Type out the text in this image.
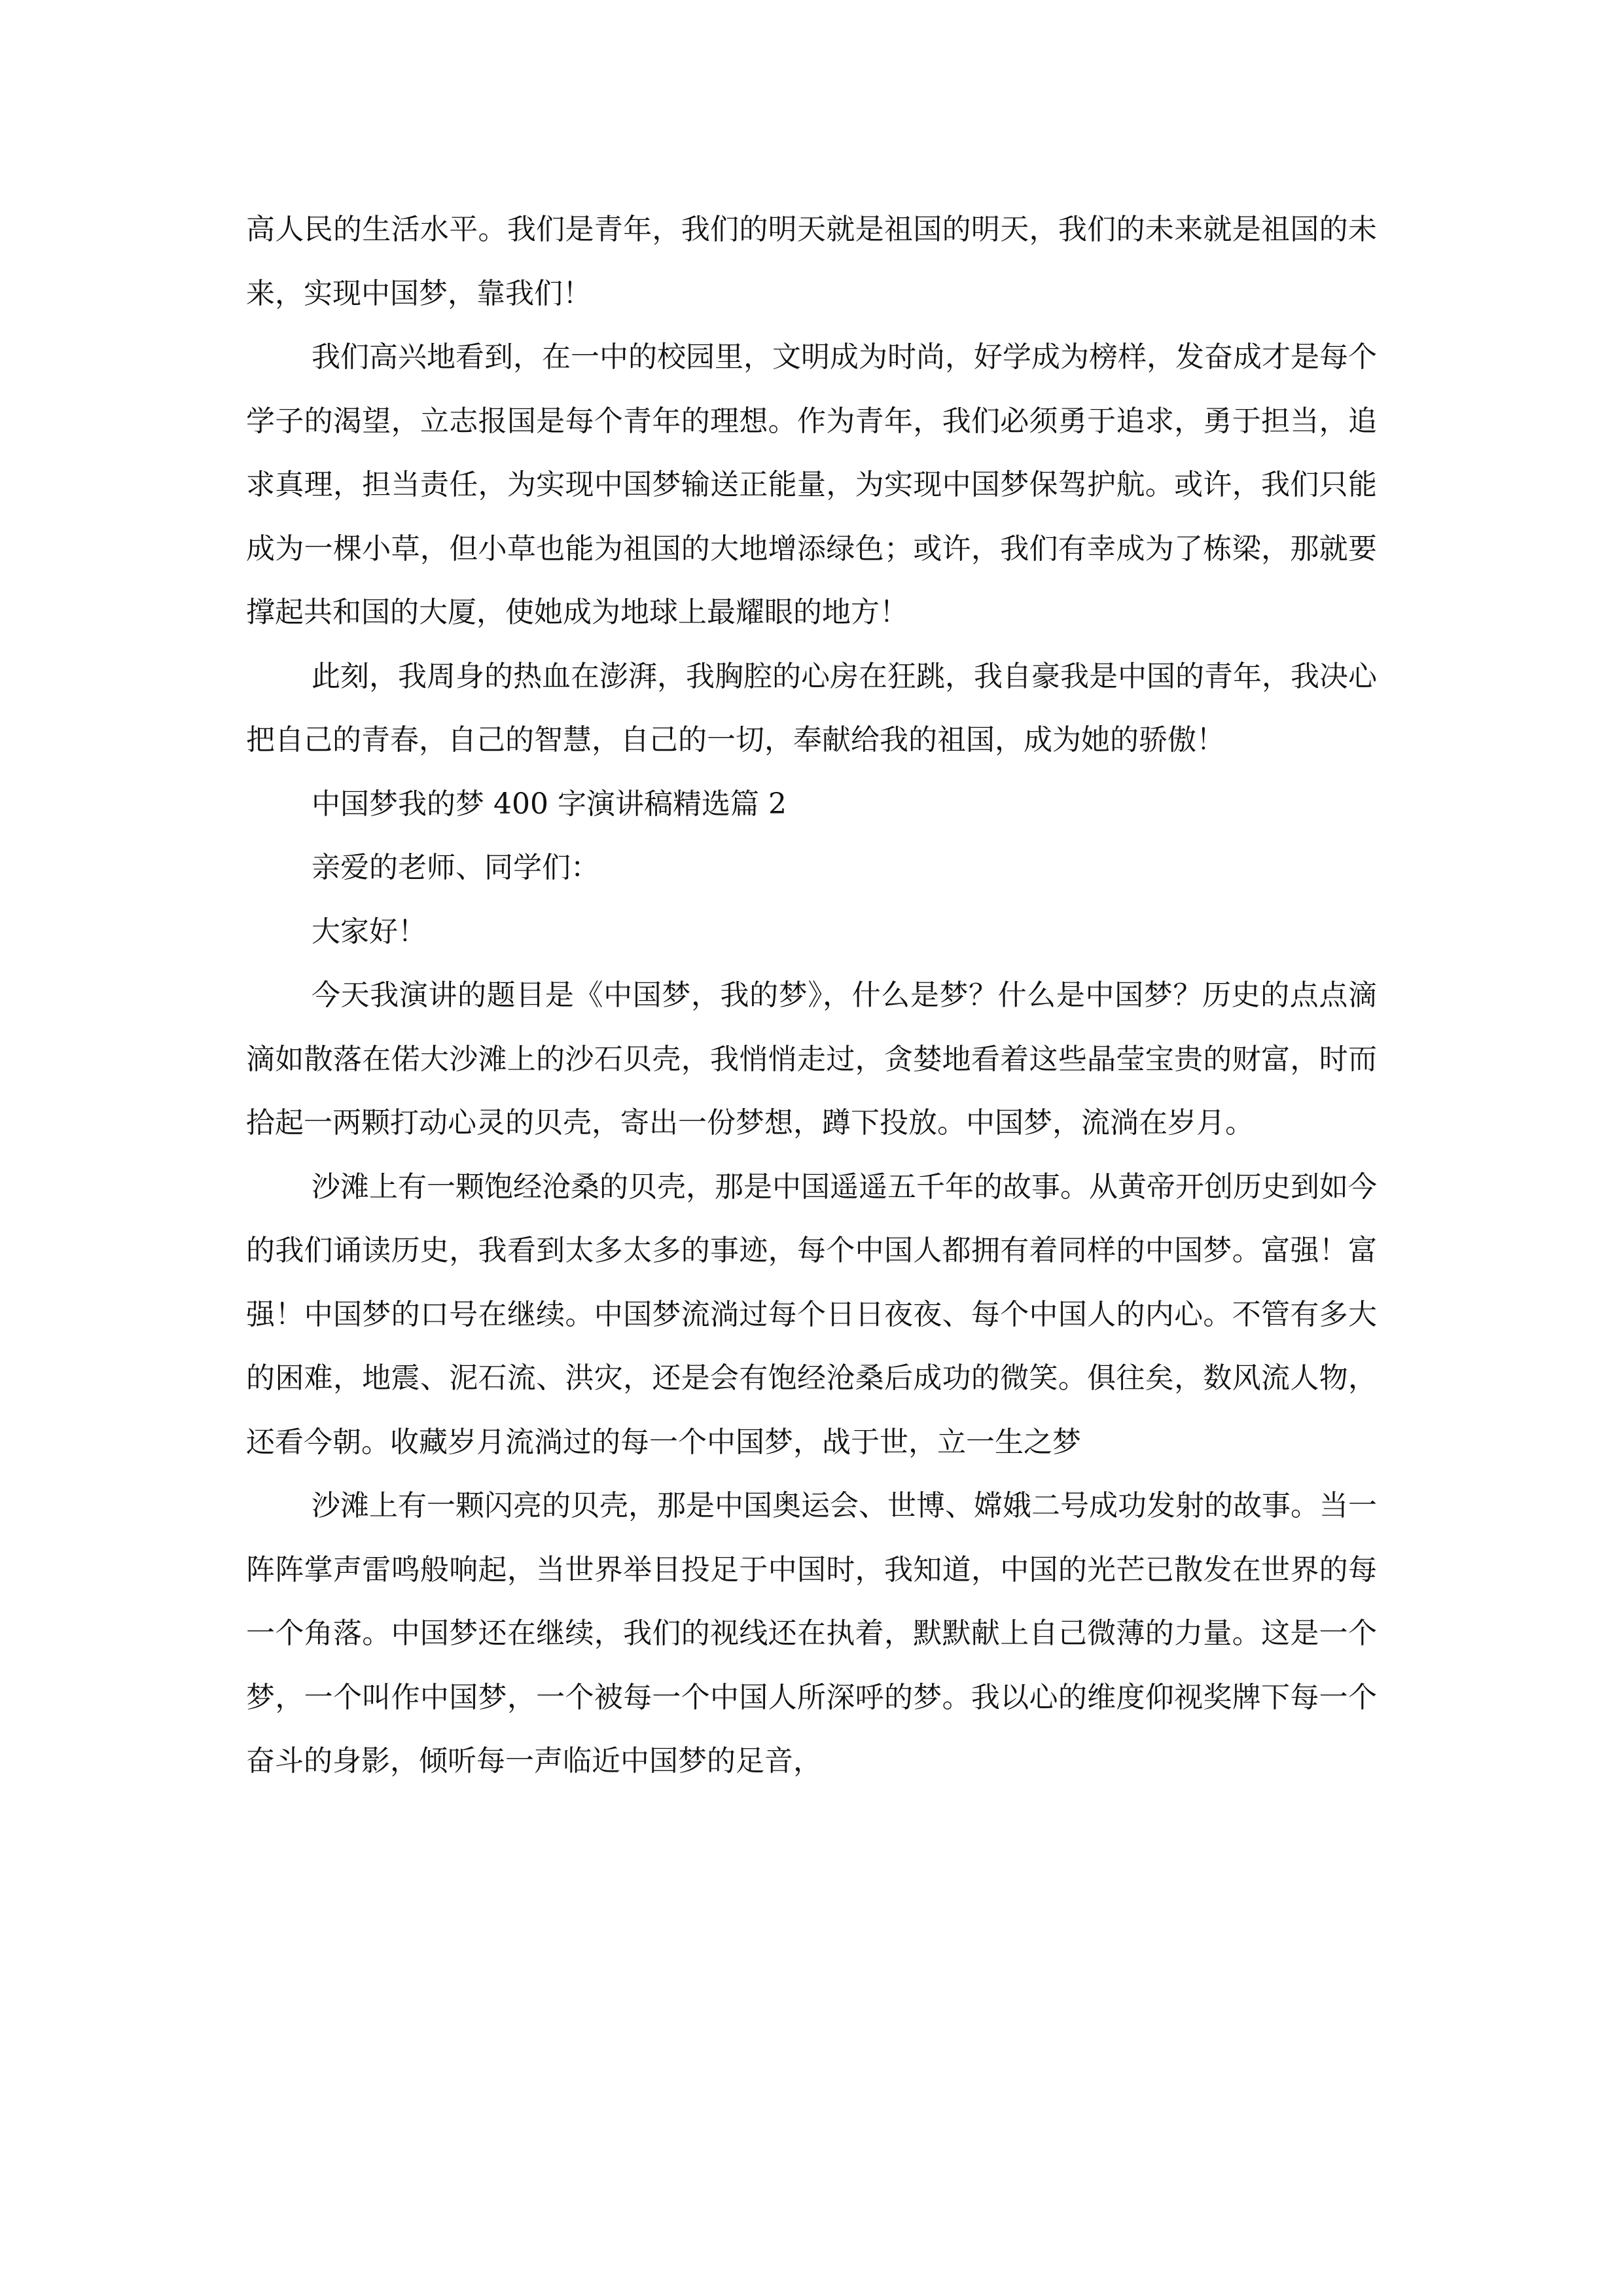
高人民的生活水平。我们是青年，我们的明天就是祖国的明天，我们的未来就是祖国的未来，实现中国梦，靠我们！

我们高兴地看到，在一中的校园里，文明成为时尚，好学成为榜样，发奋成才是每个学子的渴望，立志报国是每个青年的理想。作为青年，我们必须勇于追求，勇于担当，追求真理，担当责任，为实现中国梦输送正能量，为实现中国梦保驾护航。或许，我们只能成为一棵小草，但小草也能为祖国的大地增添绿色；或许，我们有幸成为了栋梁，那就要撑起共和国的大厦，使她成为地球上最耀眼的地方！

此刻，我周身的热血在澎湃，我胸腔的心房在狂跳，我自豪我是中国的青年，我决心把自己的青春，自己的智慧，自己的一切，奉献给我的祖国，成为她的骄傲！

中国梦我的梦 400 字演讲稿精选篇 2

亲爱的老师、同学们：

大家好！

今天我演讲的题目是《中国梦，我的梦》，什么是梦？什么是中国梦？历史的点点滴滴如散落在偌大沙滩上的沙石贝壳，我悄悄走过，贪婪地看着这些晶莹宝贵的财富，时而拾起一两颗打动心灵的贝壳，寄出一份梦想，蹲下投放。中国梦，流淌在岁月。

沙滩上有一颗饱经沧桑的贝壳，那是中国遥遥五千年的故事。从黄帝开创历史到如今的我们诵读历史，我看到太多太多的事迹，每个中国人都拥有着同样的中国梦。富强！富强！中国梦的口号在继续。中国梦流淌过每个日日夜夜、每个中国人的内心。不管有多大的困难，地震、泥石流、洪灾，还是会有饱经沧桑后成功的微笑。俱往矣，数风流人物，还看今朝。收藏岁月流淌过的每一个中国梦，战于世，立一生之梦

沙滩上有一颗闪亮的贝壳，那是中国奥运会、世博、嫦娥二号成功发射的故事。当一阵阵掌声雷鸣般响起，当世界举目投足于中国时，我知道，中国的光芒已散发在世界的每一个角落。中国梦还在继续，我们的视线还在执着，默默献上自己微薄的力量。这是一个梦，一个叫作中国梦，一个被每一个中国人所深呼的梦。我以心的维度仰视奖牌下每一个奋斗的身影，倾听每一声临近中国梦的足音，
